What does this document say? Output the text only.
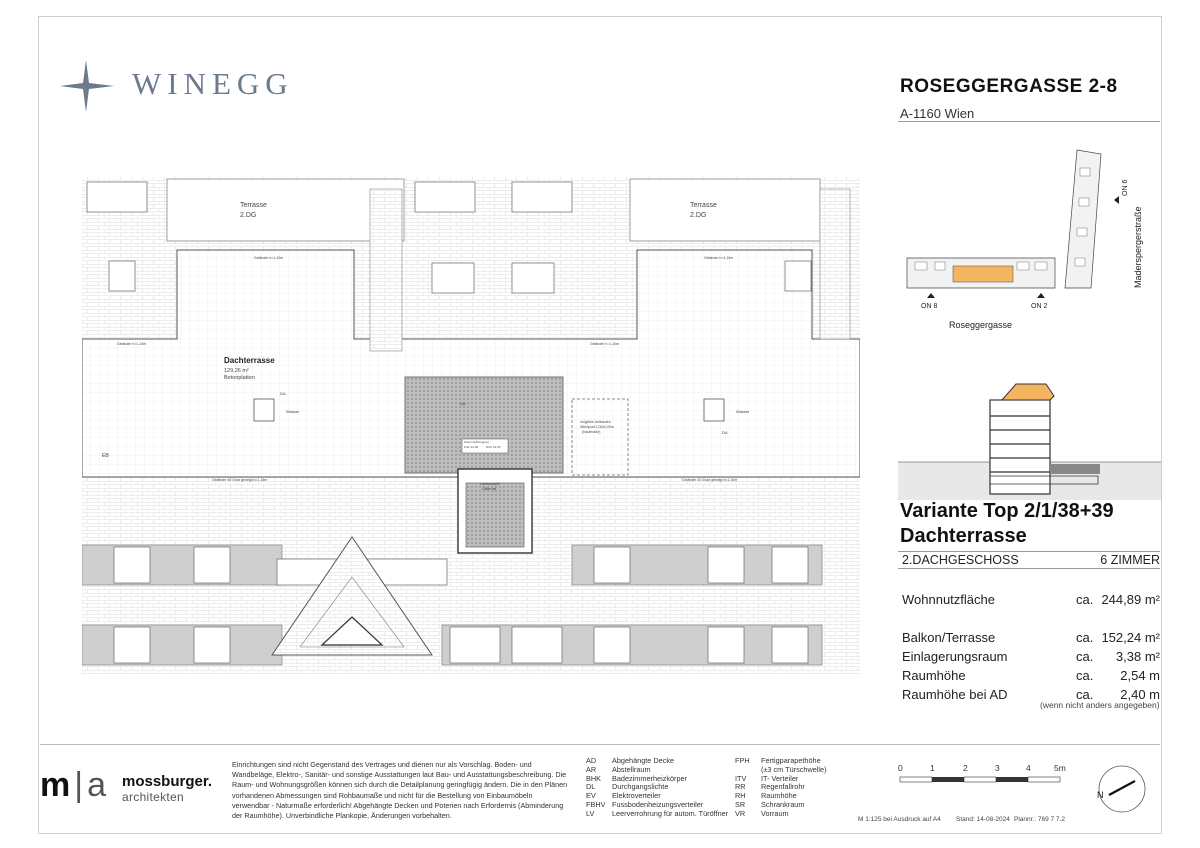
WINEGG	ROSEGGERGASSE 2-8
A-1160 Wien
Terrasse
2.DG
Terrasse
2.DG
Dachterrasse
129,26 m²
Betonplatten
Geländer h=1,10m	Geländer h=1,10m
Geländer h=1,10m	Geländer h=1,10m
Geländer 40 Grad geneigt h=1,10m	Geländer 40 Grad geneigt h=1,10m
Wasser	Wasser
DA
DA
DA
EB
mögliche Aufbauten
Whirlpool 2,00x2,00m
(Kaufmaße)
Lichtschacht
Gitterrost
Kreuz Aufbringung
FUF 12,00	DUF 21,65
ON 8	ON 2
ON 6
Roseggergasse
Maderspergerstraße
Variante Top 2/1/38+39
Dachterrasse
2.DACHGESCHOSS	6 ZIMMER
Wohnnutzfläche	ca. 244,89 m²
Balkon/Terrasse	ca. 152,24 m²
Einlagerungsraum	ca.	3,38 m²
Raumhöhe	ca.	2,54 m
Raumhöhe bei AD	ca.	2,40 m
(wenn nicht anders angegeben)
m | a mossburger.
architekten
Einrichtungen sind nicht Gegenstand des Vertrages und dienen nur als Vorschlag. Boden- und Wandbeläge, Elektro-, Sanitär- und sonstige Ausstattungen laut Bau- und Ausstattungsbeschreibung. Die Raum- und Wohnungsgrößen können sich durch die Detailplanung geringfügig ändern. Die in den Plänen vorhandenen Abmessungen sind Rohbaumaße und nicht für die Bestellung von Einbaumöbeln verwendbar - Naturmaße erforderlich! Abgehängte Decken und Poterien nach Erfordernis (Abminderung der Raumhöhe). Unverbindliche Plankopie, Änderungen vorbehalten.
AD Abgehängte Decke
AR Abstellraum
BHK Badezimmerheizkörper
DL Durchgangslichte
EV Elektroverteiler
FBHV Fussbodenheizungsverteiler
LV Leerverrohrung für autom. Türöffner
FPH Fertigparapethöhe
(±3 cm Türschwelle)
ITV IT- Verteiler
RR Regenfallrohr
RH Raumhöhe
SR Schrankraum
VR Vorraum
0	1	2	3	4	5m
N
M 1:125 bei Ausdruck auf A4 Stand: 14-08-2024 Plannr.: 769 7 7.2
